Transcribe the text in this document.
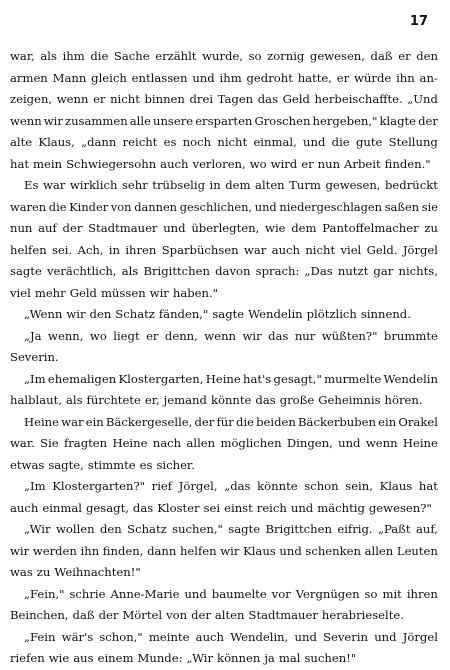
17
war, als ihm die Sache erzählt wurde, so zornig gewesen, daß er den
armen Mann gleich entlassen und ihm gedroht hatte, er würde ihn an-
zeigen, wenn er nicht binnen drei Tagen das Geld herbeischaffte. „Und
wenn wir zusammen alle unsere ersparten Groschen hergeben," klagte der
alte Klaus, „dann reicht es noch nicht einmal, und die gute Stellung
hat mein Schwiegersohn auch verloren, wo wird er nun Arbeit finden."
Es war wirklich sehr trübselig in dem alten Turm gewesen, bedrückt
waren die Kinder von dannen geschlichen, und niedergeschlagen saßen sie
nun auf der Stadtmauer und überlegten, wie dem Pantoffelmacher zu
helfen sei. Ach, in ihren Sparbüchsen war auch nicht viel Geld. Jörgel
sagte verächtlich, als Brigittchen davon sprach: „Das nutzt gar nichts,
viel mehr Geld müssen wir haben."
„Wenn wir den Schatz fänden," sagte Wendelin plötzlich sinnend.
„Ja wenn, wo liegt er denn, wenn wir das nur wüßten?" brummte
Severin.
„Im ehemaligen Klostergarten, Heine hat's gesagt," murmelte Wendelin
halblaut, als fürchtete er, jemand könnte das große Geheimnis hören.
Heine war ein Bäckergeselle, der für die beiden Bäckerbuben ein Orakel
war. Sie fragten Heine nach allen möglichen Dingen, und wenn Heine
etwas sagte, stimmte es sicher.
„Im Klostergarten?" rief Jörgel, „das könnte schon sein, Klaus hat
auch einmal gesagt, das Kloster sei einst reich und mächtig gewesen?"
„Wir wollen den Schatz suchen," sagte Brigittchen eifrig. „Paßt auf,
wir werden ihn finden, dann helfen wir Klaus und schenken allen Leuten
was zu Weihnachten!"
„Fein," schrie Anne-Marie und baumelte vor Vergnügen so mit ihren
Beinchen, daß der Mörtel von der alten Stadtmauer herabrieselte.
„Fein wär's schon," meinte auch Wendelin, und Severin und Jörgel
riefen wie aus einem Munde: „Wir können ja mal suchen!"
